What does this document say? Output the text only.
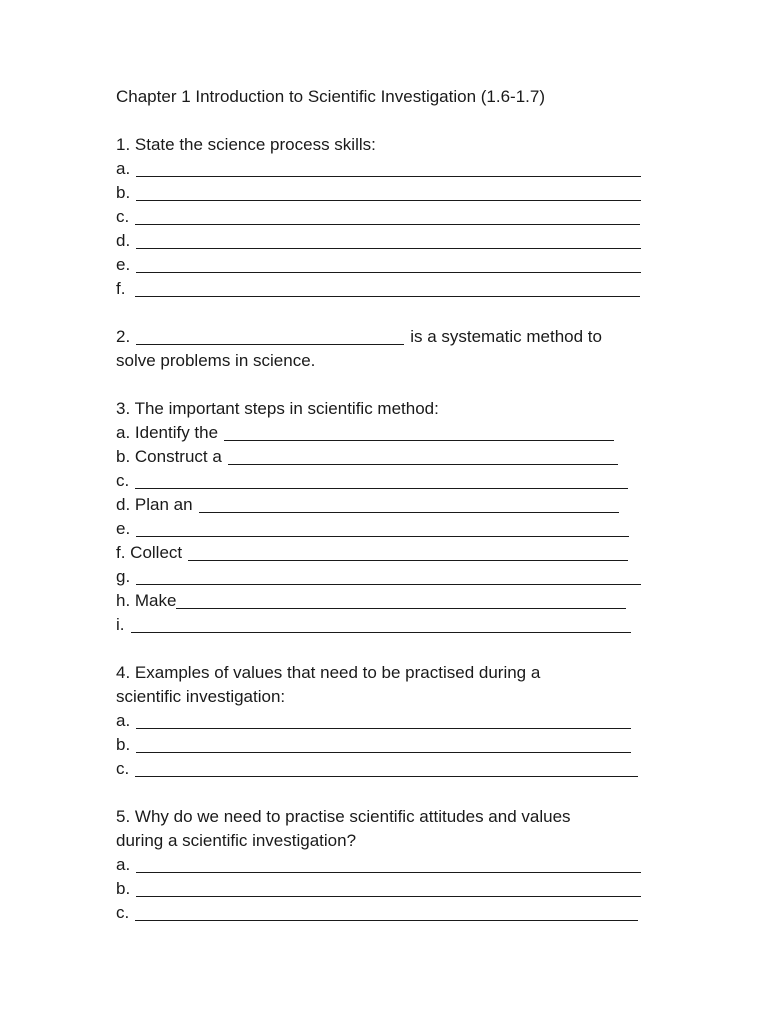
Chapter 1 Introduction to Scientific Investigation (1.6-1.7)
1. State the science process skills:
a.
b.
c.
d.
e.
f.
2.	is a systematic method to
solve problems in science.
3. The important steps in scientific method:
a. Identify the
b. Construct a
c.
d. Plan an
e.
f. Collect
g.
h. Make
i.
4. Examples of values that need to be practised during a
scientific investigation:
a.
b.
c.
5. Why do we need to practise scientific attitudes and values
during a scientific investigation?
a.
b.
c.
